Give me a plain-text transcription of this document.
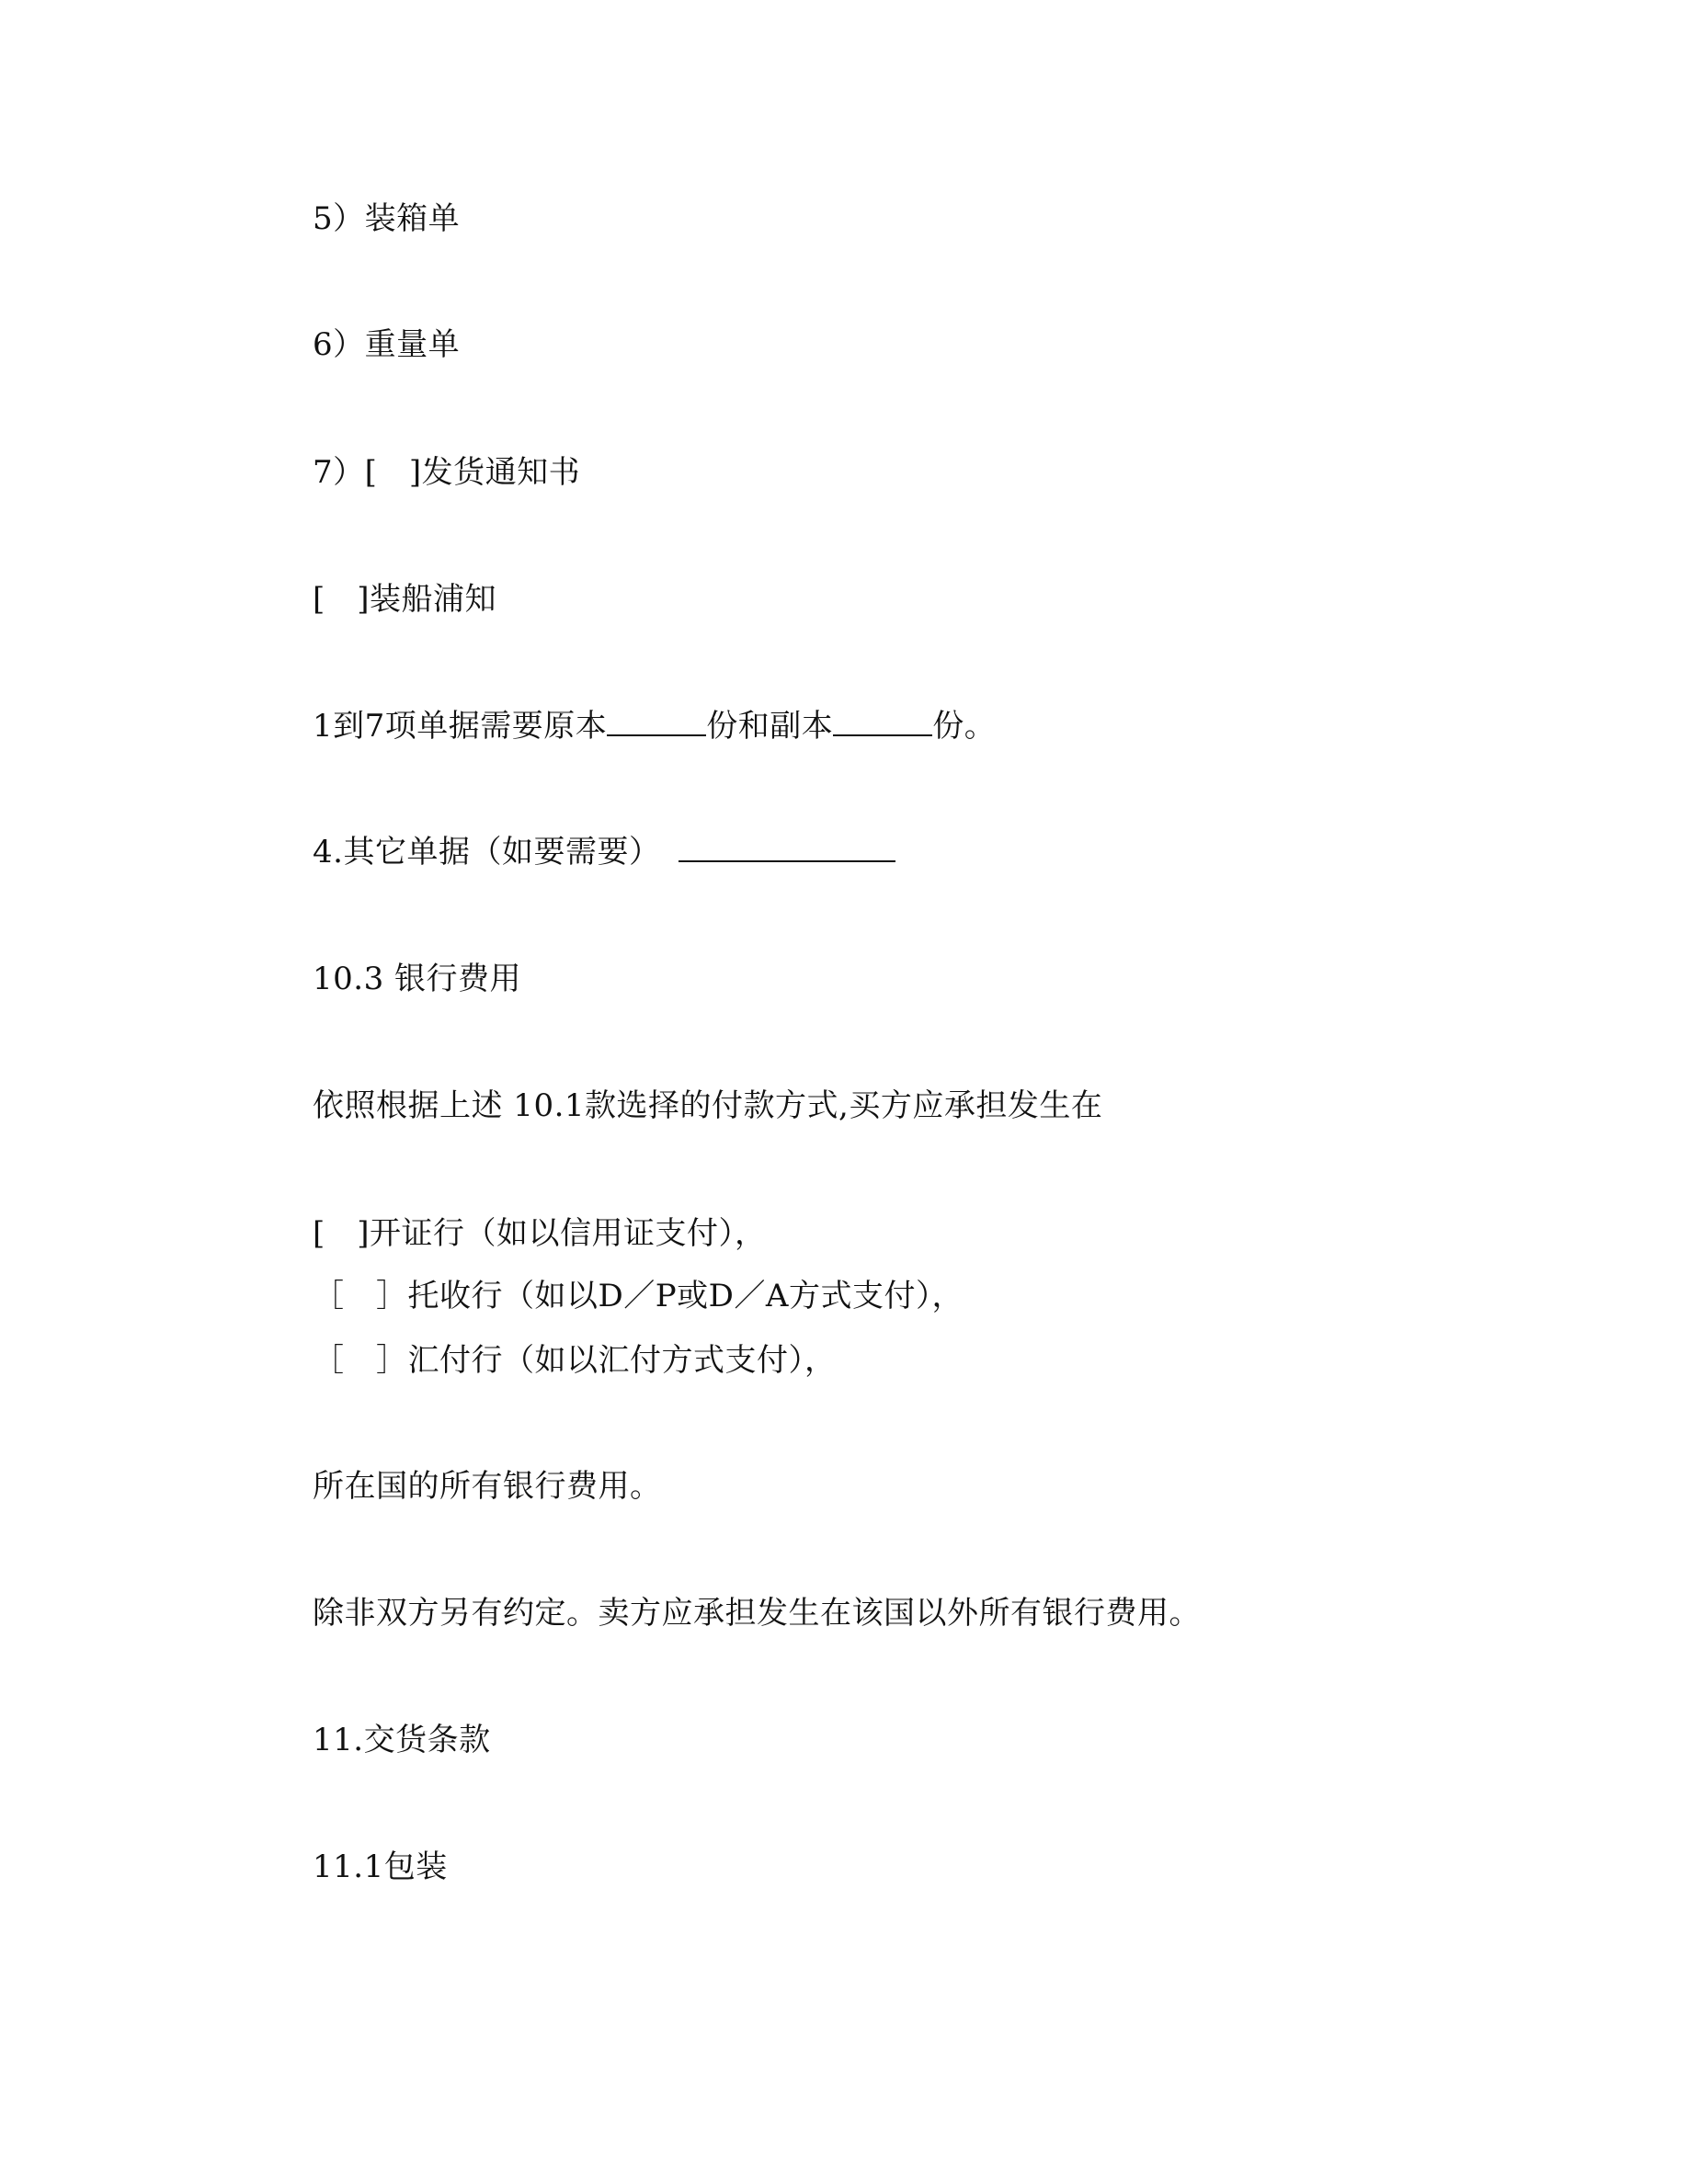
5）装箱单
6）重量单
7）[　]发货通知书
[　]装船浦知
1到7项单据需要原本	份和副本	份。
4.其它单据（如要需要）
10.3 银行费用
依照根据上述 10.1款选择的付款方式,买方应承担发生在
[　]开证行（如以信用证支付），
［　］托收行（如以D／P或D／A方式支付），
［　］汇付行（如以汇付方式支付），
所在国的所有银行费用。
除非双方另有约定。卖方应承担发生在该国以外所有银行费用。
11.交货条款
11.1包装
